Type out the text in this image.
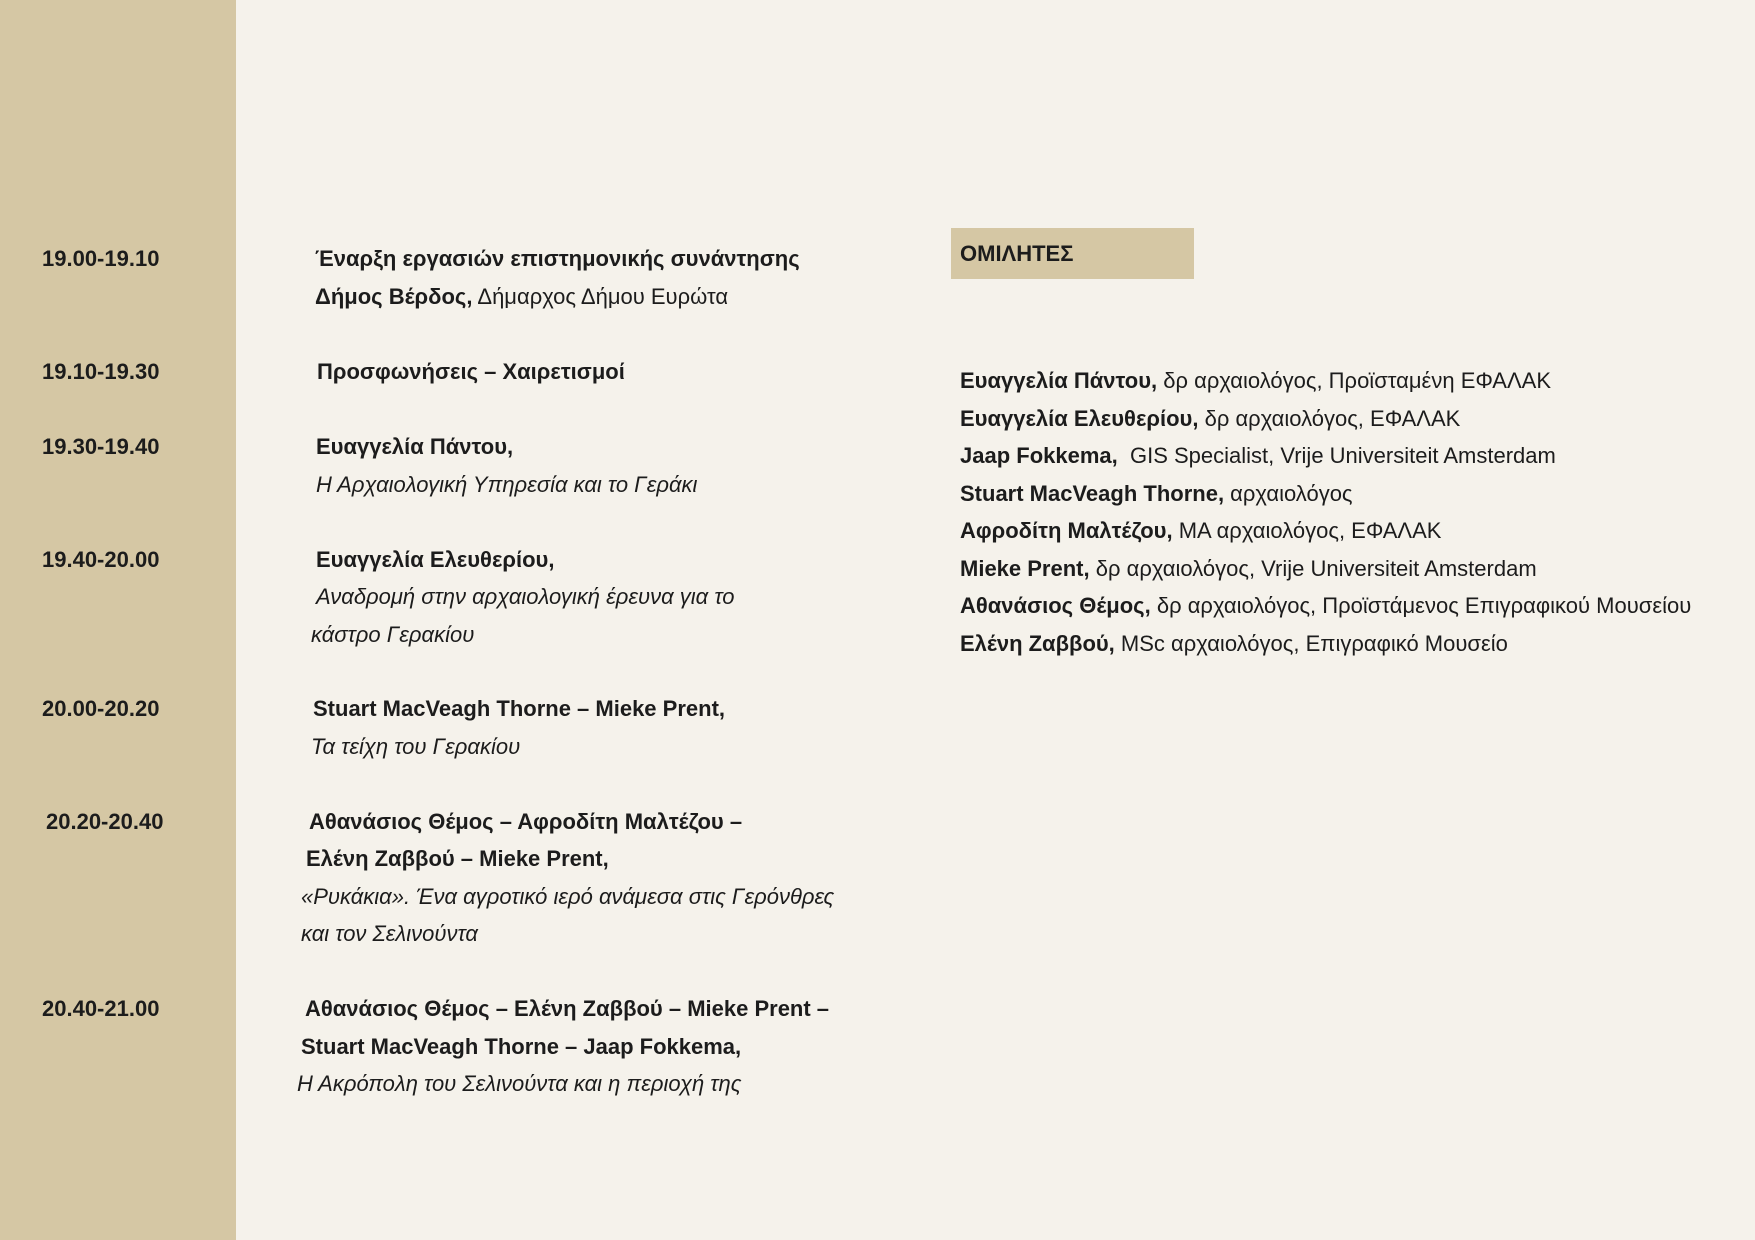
19.00-19.10	Έναρξη εργασιών επιστημονικής συνάντησης
Δήμος Βέρδος, Δήμαρχος Δήμου Ευρώτα
19.10-19.30	Προσφωνήσεις – Χαιρετισμοί
19.30-19.40	Ευαγγελία Πάντου,
Η Αρχαιολογική Υπηρεσία και το Γεράκι
19.40-20.00	Ευαγγελία Ελευθερίου,
Αναδρομή στην αρχαιολογική έρευνα για το
κάστρο Γερακίου
20.00-20.20	Stuart MacVeagh Thorne – Mieke Prent,
Τα τείχη του Γερακίου
20.20-20.40	Αθανάσιος Θέμος – Αφροδίτη Μαλτέζου –
Ελένη Ζαββού – Mieke Prent,
«Ρυκάκια». Ένα αγροτικό ιερό ανάμεσα στις Γερόνθρες
και τον Σελινούντα
20.40-21.00	Αθανάσιος Θέμος – Ελένη Ζαββού – Mieke Prent –
Stuart MacVeagh Thorne – Jaap Fokkema,
Η Ακρόπολη του Σελινούντα και η περιοχή της
ΟΜΙΛΗΤΕΣ
Ευαγγελία Πάντου, δρ αρχαιολόγος, Προϊσταμένη ΕΦΑΛΑΚ
Ευαγγελία Ελευθερίου, δρ αρχαιολόγος, ΕΦΑΛΑΚ
Jaap Fokkema,  GIS Specialist, Vrije Universiteit Amsterdam
Stuart MacVeagh Thorne, αρχαιολόγος
Αφροδίτη Μαλτέζου, MA αρχαιολόγος, ΕΦΑΛΑΚ
Mieke Prent, δρ αρχαιολόγος, Vrije Universiteit Amsterdam
Αθανάσιος Θέμος, δρ αρχαιολόγος, Προϊστάμενος Επιγραφικού Μουσείου
Ελένη Ζαββού, MSc αρχαιολόγος, Επιγραφικό Μουσείο
